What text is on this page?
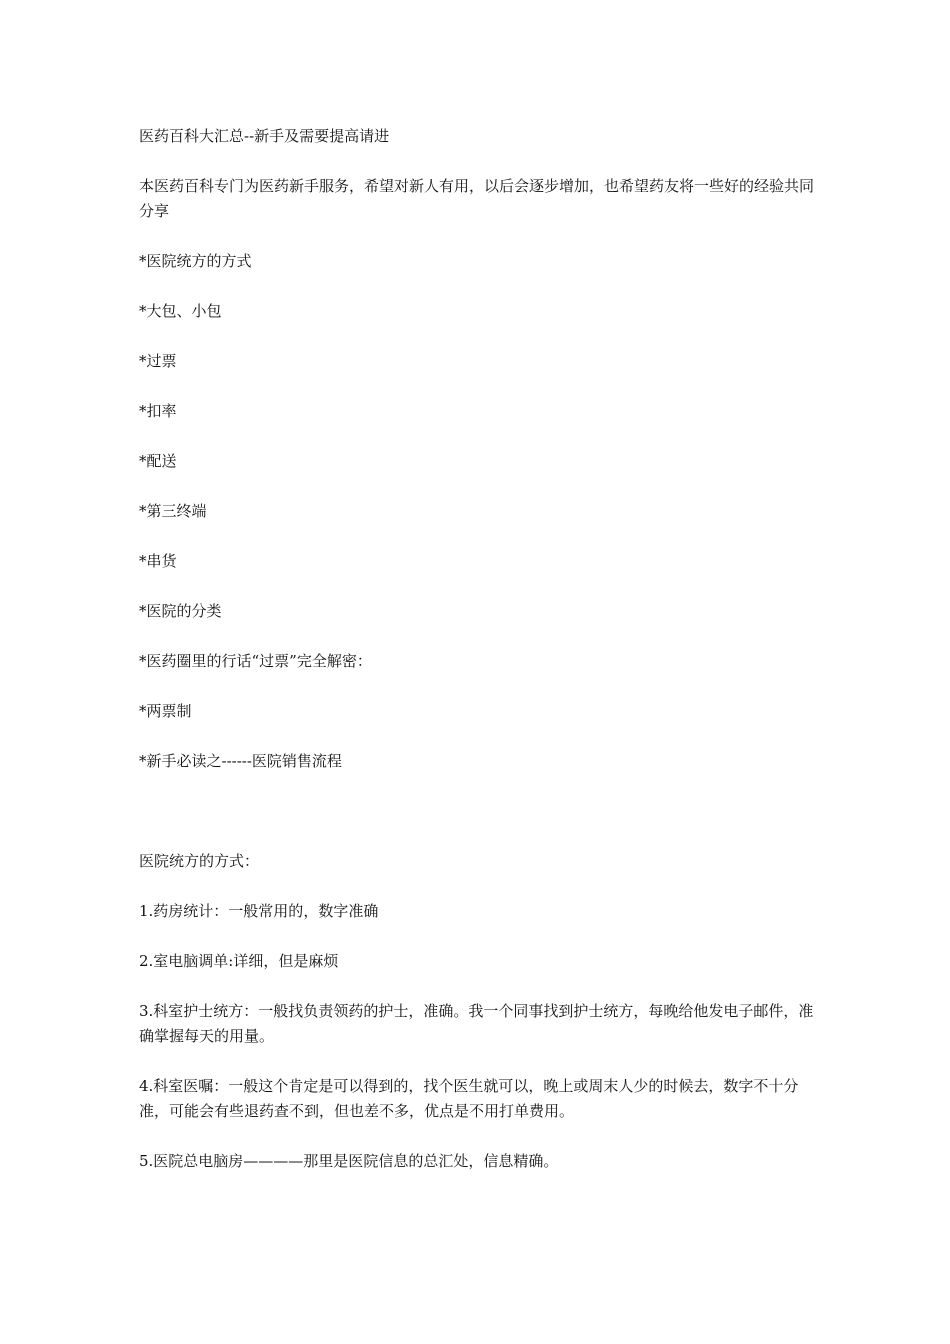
医药百科大汇总--新手及需要提高请进

本医药百科专门为医药新手服务，希望对新人有用，以后会逐步增加，也希望药友将一些好的经验共同分享

*医院统方的方式

*大包、小包

*过票

*扣率

*配送

*第三终端

*串货

*医院的分类

*医药圈里的行话“过票”完全解密：

*两票制

*新手必读之------医院销售流程

医院统方的方式：

1.药房统计：一般常用的，数字准确

2.室电脑调单:详细，但是麻烦

3.科室护士统方：一般找负责领药的护士，准确。我一个同事找到护士统方，每晚给他发电子邮件，准确掌握每天的用量。

4.科室医嘱：一般这个肯定是可以得到的，找个医生就可以，晚上或周末人少的时候去，数字不十分准，可能会有些退药查不到，但也差不多，优点是不用打单费用。

5.医院总电脑房————那里是医院信息的总汇处，信息精确。
